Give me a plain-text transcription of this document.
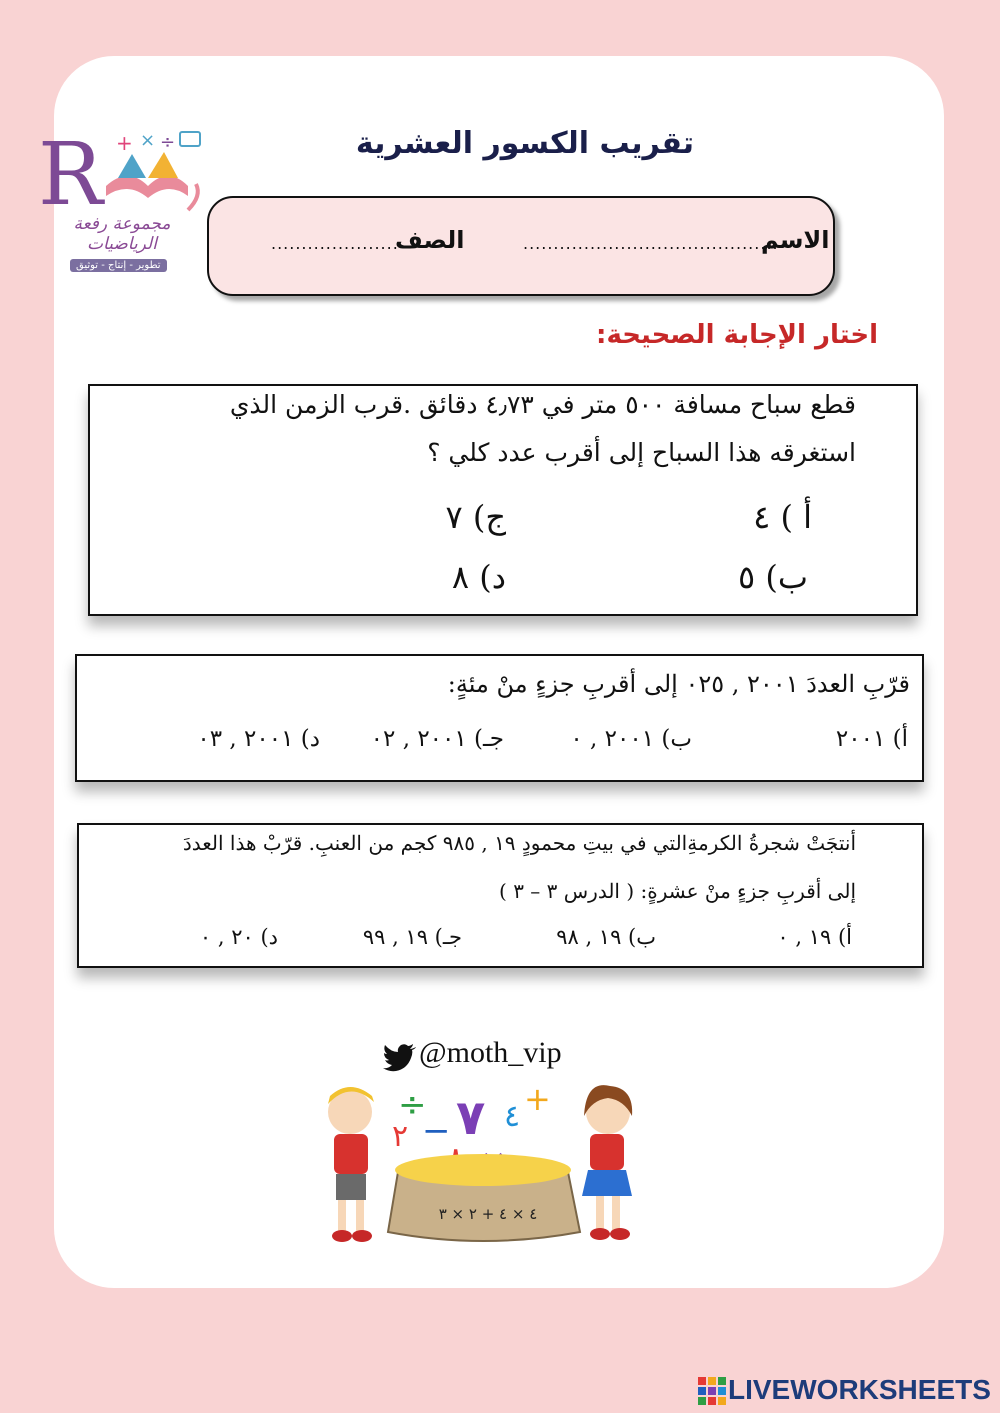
R + × ÷
مجموعة رفعة الرياضيات
تطوير - إنتاج - توثيق
تقريب الكسور العشرية
الاسم
..........................................
الصف
.....................
اختار الإجابة الصحيحة:
قطع سباح مسافة ٥٠٠ متر في ٤٫٧٣ دقائق .قرب الزمن الذي
استغرقه هذا السباح إلى أقرب عدد كلي ؟
أ ) ٤
ب) ٥
ج) ٧
د) ٨
قرّبِ العددَ ٢٠٠١ , ٠٢٥ إلى أقربِ جزءٍ منْ مئةٍ:
أ) ٢٠٠١
ب) ٢٠٠١ , ٠
جـ) ٢٠٠١ , ٠٢
د) ٢٠٠١ , ٠٣
أنتجَتْ شجرةُ الكرمةِالتي في بيتِ محمودٍ ١٩ , ٩٨٥ كجم من العنبِ. قرّبْ هذا العددَ
إلى أقربِ جزءٍ منْ عشرةٍ: ( الدرس ٣ – ٣ )
أ) ١٩ , ٠
ب) ١٩ , ٩٨
جـ) ١٩ , ٩٩
د) ٢٠ , ٠
@moth_vip
÷
− ٧ ٤ +
٢
٤ × ٤ + ٢ × ٣
LIVEWORKSHEETS
